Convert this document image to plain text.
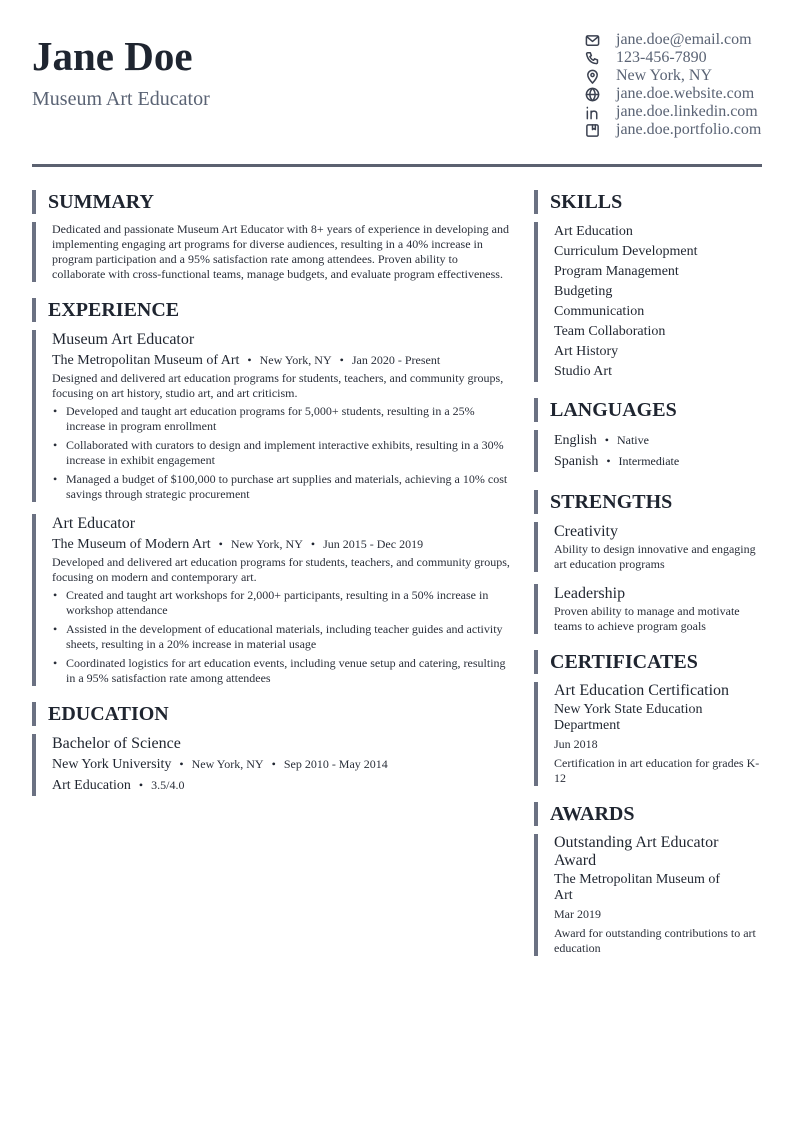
Jane Doe
Museum Art Educator
jane.doe@email.com
123-456-7890
New York, NY
jane.doe.website.com
jane.doe.linkedin.com
jane.doe.portfolio.com
SUMMARY
Dedicated and passionate Museum Art Educator with 8+ years of experience in developing and implementing engaging art programs for diverse audiences, resulting in a 40% increase in program participation and a 95% satisfaction rate among attendees. Proven ability to collaborate with cross-functional teams, manage budgets, and evaluate program effectiveness.
EXPERIENCE
Museum Art Educator
The Metropolitan Museum of Art • New York, NY • Jan 2020 - Present
Designed and delivered art education programs for students, teachers, and community groups, focusing on art history, studio art, and art criticism.
• Developed and taught art education programs for 5,000+ students, resulting in a 25% increase in program enrollment
• Collaborated with curators to design and implement interactive exhibits, resulting in a 30% increase in exhibit engagement
• Managed a budget of $100,000 to purchase art supplies and materials, achieving a 10% cost savings through strategic procurement
Art Educator
The Museum of Modern Art • New York, NY • Jun 2015 - Dec 2019
Developed and delivered art education programs for students, teachers, and community groups, focusing on modern and contemporary art.
• Created and taught art workshops for 2,000+ participants, resulting in a 50% increase in workshop attendance
• Assisted in the development of educational materials, including teacher guides and activity sheets, resulting in a 20% increase in material usage
• Coordinated logistics for art education events, including venue setup and catering, resulting in a 95% satisfaction rate among attendees
EDUCATION
Bachelor of Science
New York University • New York, NY • Sep 2010 - May 2014
Art Education • 3.5/4.0
SKILLS
Art Education
Curriculum Development
Program Management
Budgeting
Communication
Team Collaboration
Art History
Studio Art
LANGUAGES
English • Native
Spanish • Intermediate
STRENGTHS
Creativity
Ability to design innovative and engaging art education programs
Leadership
Proven ability to manage and motivate teams to achieve program goals
CERTIFICATES
Art Education Certification
New York State Education Department
Jun 2018
Certification in art education for grades K-12
AWARDS
Outstanding Art Educator Award
The Metropolitan Museum of Art
Mar 2019
Award for outstanding contributions to art education
